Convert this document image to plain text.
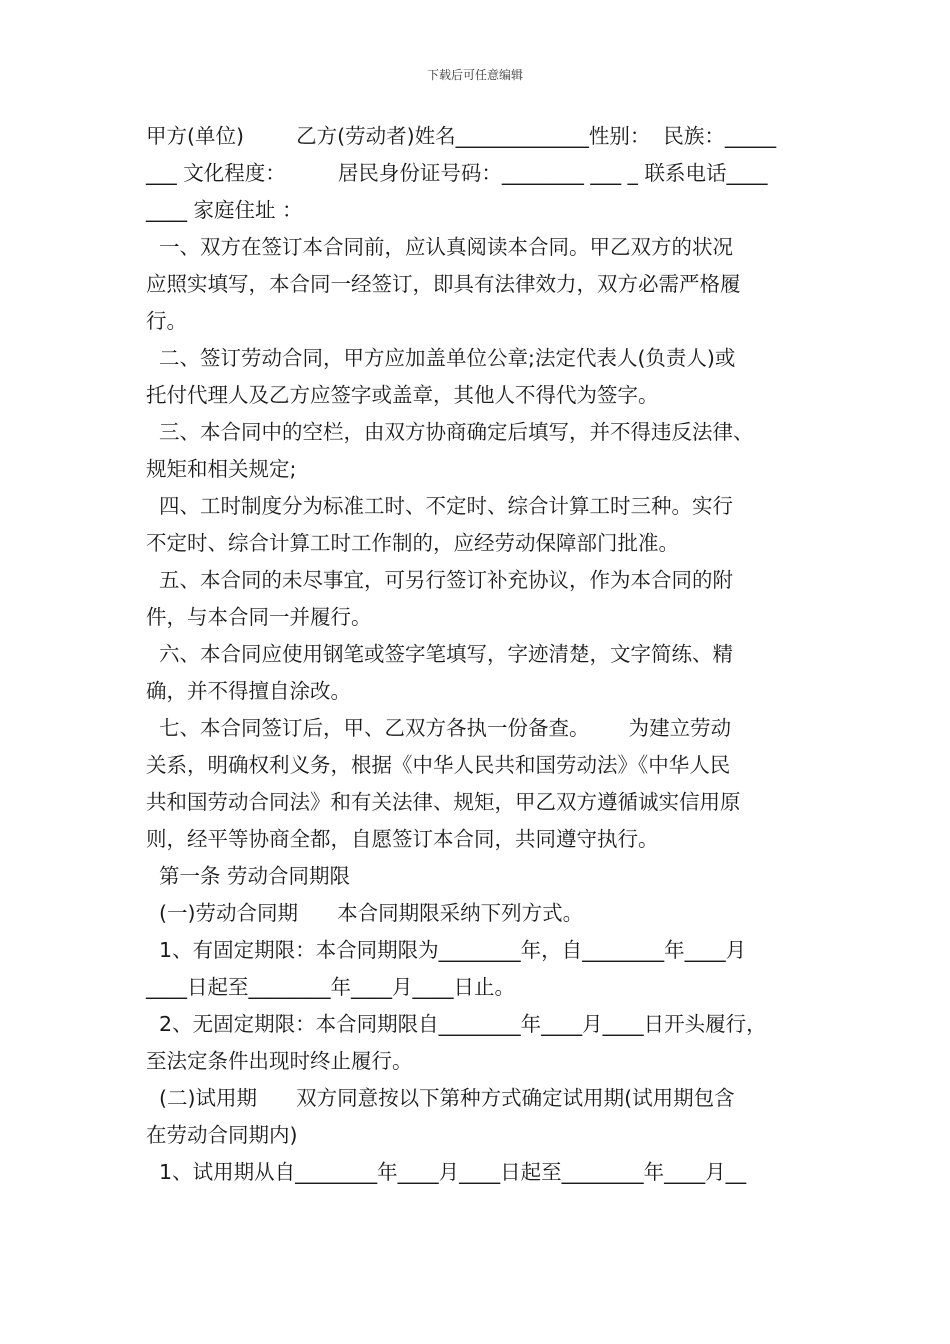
下载后可任意编辑
甲方(单位)        乙方(劳动者)姓名_____________性别：  民族：_____
___ 文化程度：        居民身份证号码：________ ___ _ 联系电话____
____ 家庭住址 ：
一、双方在签订本合同前，应认真阅读本合同。甲乙双方的状况
应照实填写，本合同一经签订，即具有法律效力，双方必需严格履
行。
二、签订劳动合同，甲方应加盖单位公章;法定代表人(负责人)或
托付代理人及乙方应签字或盖章，其他人不得代为签字。
三、本合同中的空栏，由双方协商确定后填写，并不得违反法律、
规矩和相关规定;
四、工时制度分为标准工时、不定时、综合计算工时三种。实行
不定时、综合计算工时工作制的，应经劳动保障部门批准。
五、本合同的未尽事宜，可另行签订补充协议，作为本合同的附
件，与本合同一并履行。
六、本合同应使用钢笔或签字笔填写，字迹清楚，文字简练、精
确，并不得擅自涂改。
七、本合同签订后，甲、乙双方各执一份备查。      为建立劳动
关系，明确权利义务，根据《中华人民共和国劳动法》《中华人民
共和国劳动合同法》和有关法律、规矩，甲乙双方遵循诚实信用原
则，经平等协商全都，自愿签订本合同，共同遵守执行。
第一条 劳动合同期限
(一)劳动合同期      本合同期限采纳下列方式。
1、有固定期限：本合同期限为________年，自________年____月
____日起至________年____月____日止。
2、无固定期限：本合同期限自________年____月____日开头履行，
至法定条件出现时终止履行。
(二)试用期      双方同意按以下第种方式确定试用期(试用期包含
在劳动合同期内)
1、试用期从自________年____月____日起至________年____月__
